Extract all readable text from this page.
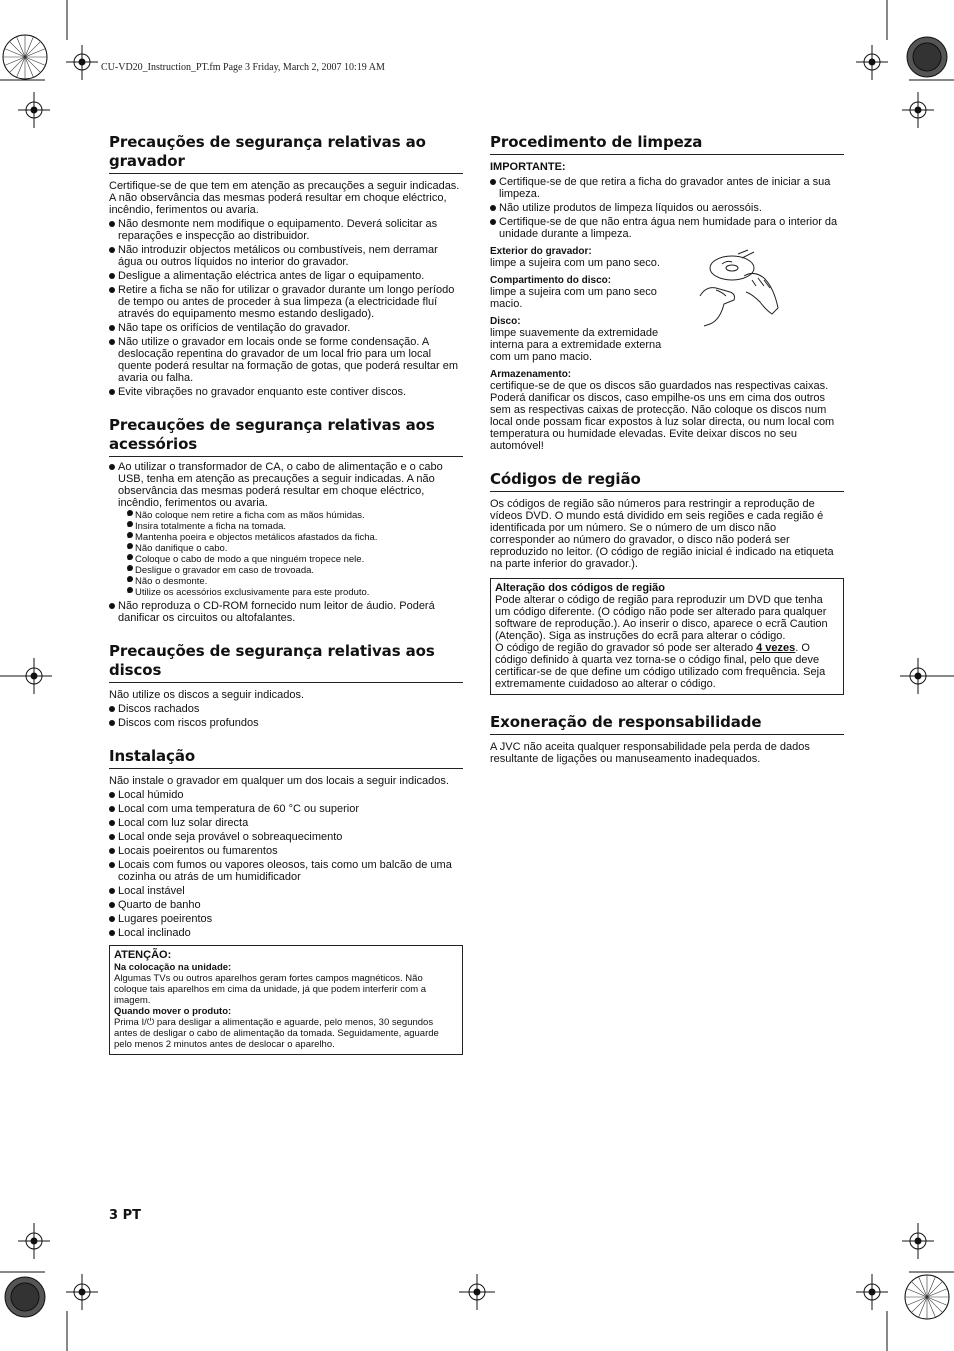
CU-VD20_Instruction_PT.fm Page 3 Friday, March 2, 2007 10:19 AM
Precauções de segurança relativas ao gravador

Certifique-se de que tem em atenção as precauções a seguir indicadas. A não observância das mesmas poderá resultar em choque eléctrico, incêndio, ferimentos ou avaria.

Não desmonte nem modifique o equipamento. Deverá solicitar as reparações e inspecção ao distribuidor.
Não introduzir objectos metálicos ou combustíveis, nem derramar água ou outros líquidos no interior do gravador.
Desligue a alimentação eléctrica antes de ligar o equipamento.
Retire a ficha se não for utilizar o gravador durante um longo período de tempo ou antes de proceder à sua limpeza (a electricidade fluí através do equipamento mesmo estando desligado).
Não tape os orifícios de ventilação do gravador.
Não utilize o gravador em locais onde se forme condensação. A deslocação repentina do gravador de um local frio para um local quente poderá resultar na formação de gotas, que poderá resultar em avaria ou falha.
Evite vibrações no gravador enquanto este contiver discos.
Precauções de segurança relativas aos acessórios
Ao utilizar o transformador de CA, o cabo de alimentação e o cabo USB, tenha em atenção as precauções a seguir indicadas. A não observância das mesmas poderá resultar em choque eléctrico, incêndio, ferimentos ou avaria.
• Não coloque nem retire a ficha com as mãos húmidas.
• Insira totalmente a ficha na tomada.
• Mantenha poeira e objectos metálicos afastados da ficha.
• Não danifique o cabo.
• Coloque o cabo de modo a que ninguém tropece nele.
• Desligue o gravador em caso de trovoada.
• Não o desmonte.
• Utilize os acessórios exclusivamente para este produto.
Não reproduza o CD-ROM fornecido num leitor de áudio. Poderá danificar os circuitos ou altofalantes.
Precauções de segurança relativas aos discos

Não utilize os discos a seguir indicados.

Discos rachados
Discos com riscos profundos
Instalação

Não instale o gravador em qualquer um dos locais a seguir indicados.

Local húmido
Local com uma temperatura de 60 °C ou superior
Local com luz solar directa
Local onde seja provável o sobreaquecimento
Locais poeirentos ou fumarentos
Locais com fumos ou vapores oleosos, tais como um balcão de uma cozinha ou atrás de um humidificador
Local instável
Quarto de banho
Lugares poeirentos
Local inclinado
ATENÇÃO:
Na colocação na unidade:
Algumas TVs ou outros aparelhos geram fortes campos magnéticos. Não coloque tais aparelhos em cima da unidade, já que podem interferir com a imagem.
Quando mover o produto:
Prima I/⏻ para desligar a alimentação e aguarde, pelo menos, 30 segundos antes de desligar o cabo de alimentação da tomada. Seguidamente, aguarde pelo menos 2 minutos antes de deslocar o aparelho.
Procedimento de limpeza
IMPORTANTE:
Certifique-se de que retira a ficha do gravador antes de iniciar a sua limpeza.
Não utilize produtos de limpeza líquidos ou aerossóis.
Certifique-se de que não entra água nem humidade para o interior da unidade durante a limpeza.
Exterior do gravador:

limpe a sujeira com um pano seco.

Compartimento do disco:

limpe a sujeira com um pano seco macio.

Disco:

limpe suavemente da extremidade interna para a extremidade externa com um pano macio.

Armazenamento:

certifique-se de que os discos são guardados nas respectivas caixas. Poderá danificar os discos, caso empilhe-os uns em cima dos outros sem as respectivas caixas de protecção. Não coloque os discos num local onde possam ficar expostos à luz solar directa, ou num local com temperatura ou humidade elevadas. Evite deixar discos no seu automóvel!

Códigos de região

Os códigos de região são números para restringir a reprodução de vídeos DVD. O mundo está dividido em seis regiões e cada região é identificada por um número. Se o número de um disco não corresponder ao número do gravador, o disco não poderá ser reproduzido no leitor. (O código de região inicial é indicado na etiqueta na parte inferior do gravador.).

Alteração dos códigos de região

Pode alterar o código de região para reproduzir um DVD que tenha um código diferente. (O código não pode ser alterado para qualquer software de reprodução.). Ao inserir o disco, aparece o ecrã Caution (Atenção). Siga as instruções do ecrã para alterar o código.

O código de região do gravador só pode ser alterado 4 vezes. O código definido à quarta vez torna-se o código final, pelo que deve certificar-se de que define um código utilizado com frequência. Seja extremamente cuidadoso ao alterar o código.

Exoneração de responsabilidade

A JVC não aceita qualquer responsabilidade pela perda de dados resultante de ligações ou manuseamento inadequados.

3 PT
